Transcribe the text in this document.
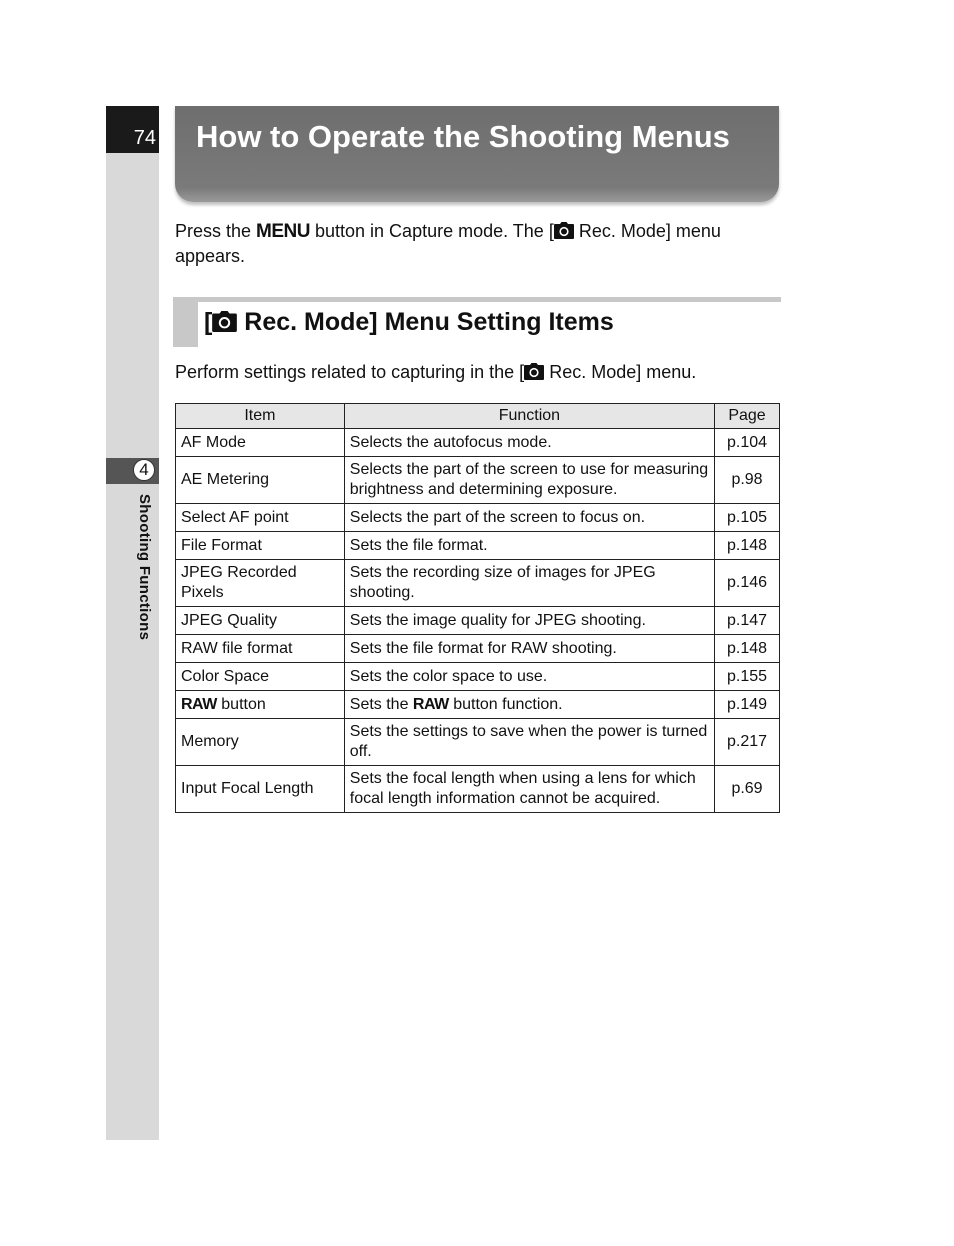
74
4
Shooting Functions
How to Operate the Shooting Menus
Press the MENU button in Capture mode. The [ Rec. Mode] menu appears.
[ Rec. Mode] Menu Setting Items
Perform settings related to capturing in the [ Rec. Mode] menu.
Item	Function	Page
AF Mode	Selects the autofocus mode.	p.104
AE Metering	Selects the part of the screen to use for measuring brightness and determining exposure.	p.98
Select AF point	Selects the part of the screen to focus on.	p.105
File Format	Sets the file format.	p.148
JPEG Recorded Pixels	Sets the recording size of images for JPEG shooting.	p.146
JPEG Quality	Sets the image quality for JPEG shooting.	p.147
RAW file format	Sets the file format for RAW shooting.	p.148
Color Space	Sets the color space to use.	p.155
RAW button	Sets the RAW button function.	p.149
Memory	Sets the settings to save when the power is turned off.	p.217
Input Focal Length	Sets the focal length when using a lens for which focal length information cannot be acquired.	p.69
